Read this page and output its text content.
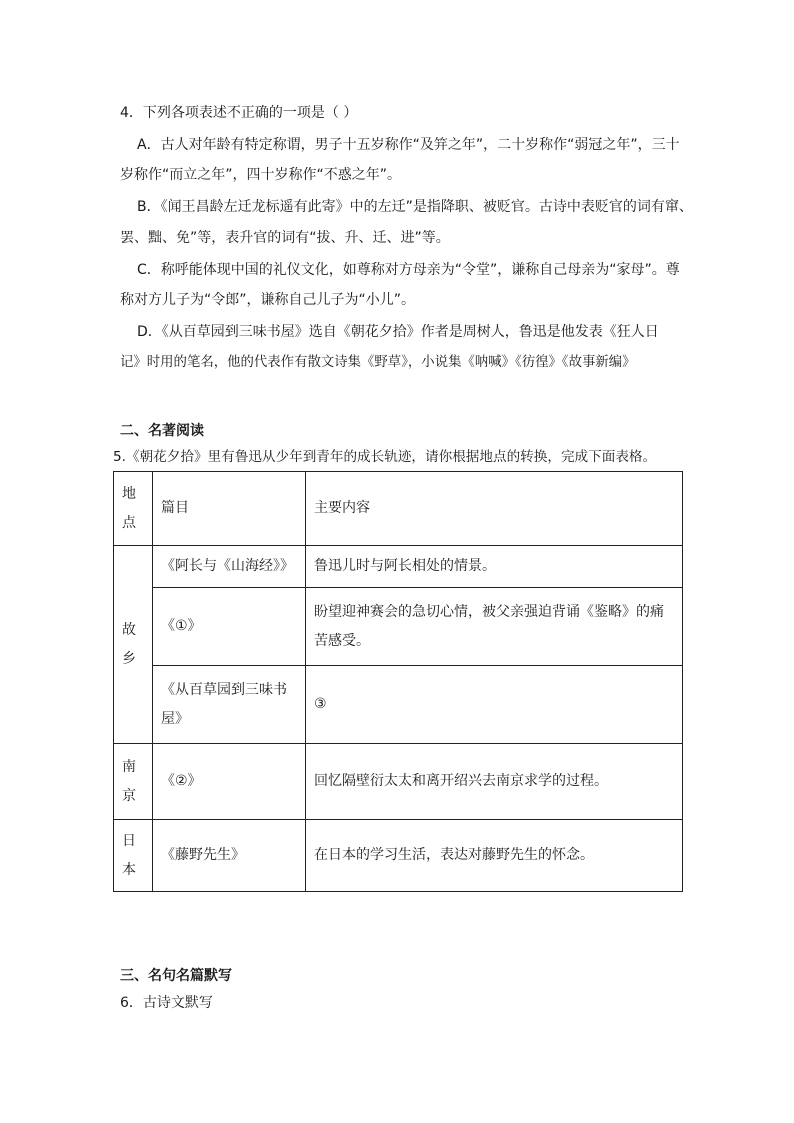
4．下列各项表述不正确的一项是（ ）
A．古人对年龄有特定称谓，男子十五岁称作“及笄之年”，二十岁称作“弱冠之年”，三十
岁称作“而立之年”，四十岁称作“不惑之年”。
B．《闻王昌龄左迁龙标遥有此寄》中的左迁”是指降职、被贬官。古诗中表贬官的词有窜、
罢、黜、免”等，表升官的词有“拔、升、迁、进”等。
C．称呼能体现中国的礼仪文化，如尊称对方母亲为“令堂”，谦称自己母亲为“家母”。尊
称对方儿子为“令郎”，谦称自己儿子为“小儿”。
D．《从百草园到三味书屋》选自《朝花夕拾》作者是周树人，鲁迅是他发表《狂人日
记》时用的笔名，他的代表作有散文诗集《野草》，小说集《呐喊》《彷徨》《故事新编》
二、名著阅读
5.《朝花夕拾》里有鲁迅从少年到青年的成长轨迹，请你根据地点的转换，完成下面表格。
地
点	篇目	主要内容

故
乡	《阿长与《山海经》》	鲁迅儿时与阿长相处的情景。
	《①》	盼望迎神赛会的急切心情，被父亲强迫背诵《鉴略》的痛苦感受。
	《从百草园到三味书屋》	③

南
京	《②》	回忆隔壁衍太太和离开绍兴去南京求学的过程。

日
本	《藤野先生》	在日本的学习生活，表达对藤野先生的怀念。
三、名句名篇默写
6．古诗文默写
